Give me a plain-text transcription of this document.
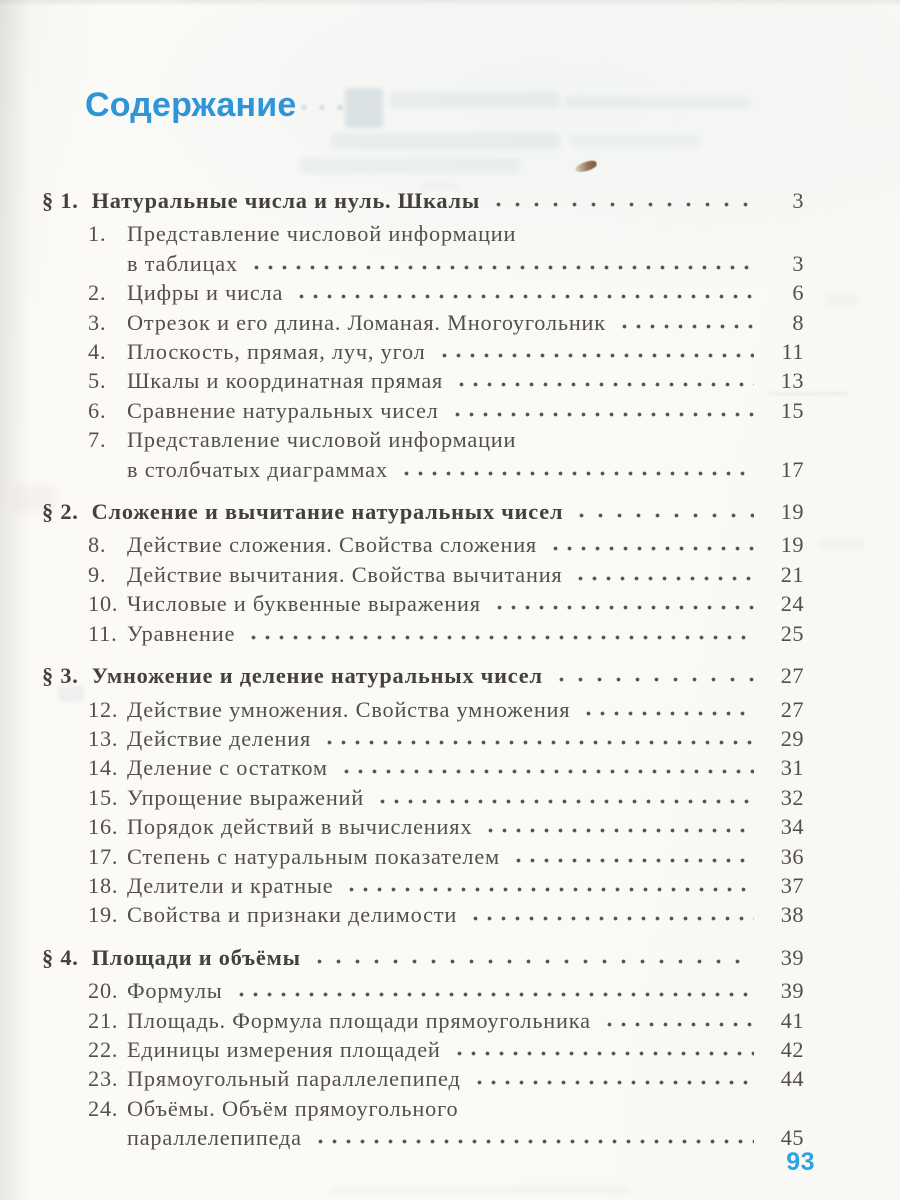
Содержание
§ 1. Натуральные числа и нуль. Шкалы	3
1. Представление числовой информации
в таблицах	3
2. Цифры и числа	6
3. Отрезок и его длина. Ломаная. Многоугольник	8
4. Плоскость, прямая, луч, угол	11
5. Шкалы и координатная прямая	13
6. Сравнение натуральных чисел	15
7. Представление числовой информации
в столбчатых диаграммах	17
§ 2. Сложение и вычитание натуральных чисел	19
8. Действие сложения. Свойства сложения	19
9. Действие вычитания. Свойства вычитания	21
10. Числовые и буквенные выражения	24
11. Уравнение	25
§ 3. Умножение и деление натуральных чисел	27
12. Действие умножения. Свойства умножения	27
13. Действие деления	29
14. Деление с остатком	31
15. Упрощение выражений	32
16. Порядок действий в вычислениях	34
17. Степень с натуральным показателем	36
18. Делители и кратные	37
19. Свойства и признаки делимости	38
§ 4. Площади и объёмы	39
20. Формулы	39
21. Площадь. Формула площади прямоугольника	41
22. Единицы измерения площадей	42
23. Прямоугольный параллелепипед	44
24. Объёмы. Объём прямоугольного
параллелепипеда	45
93
